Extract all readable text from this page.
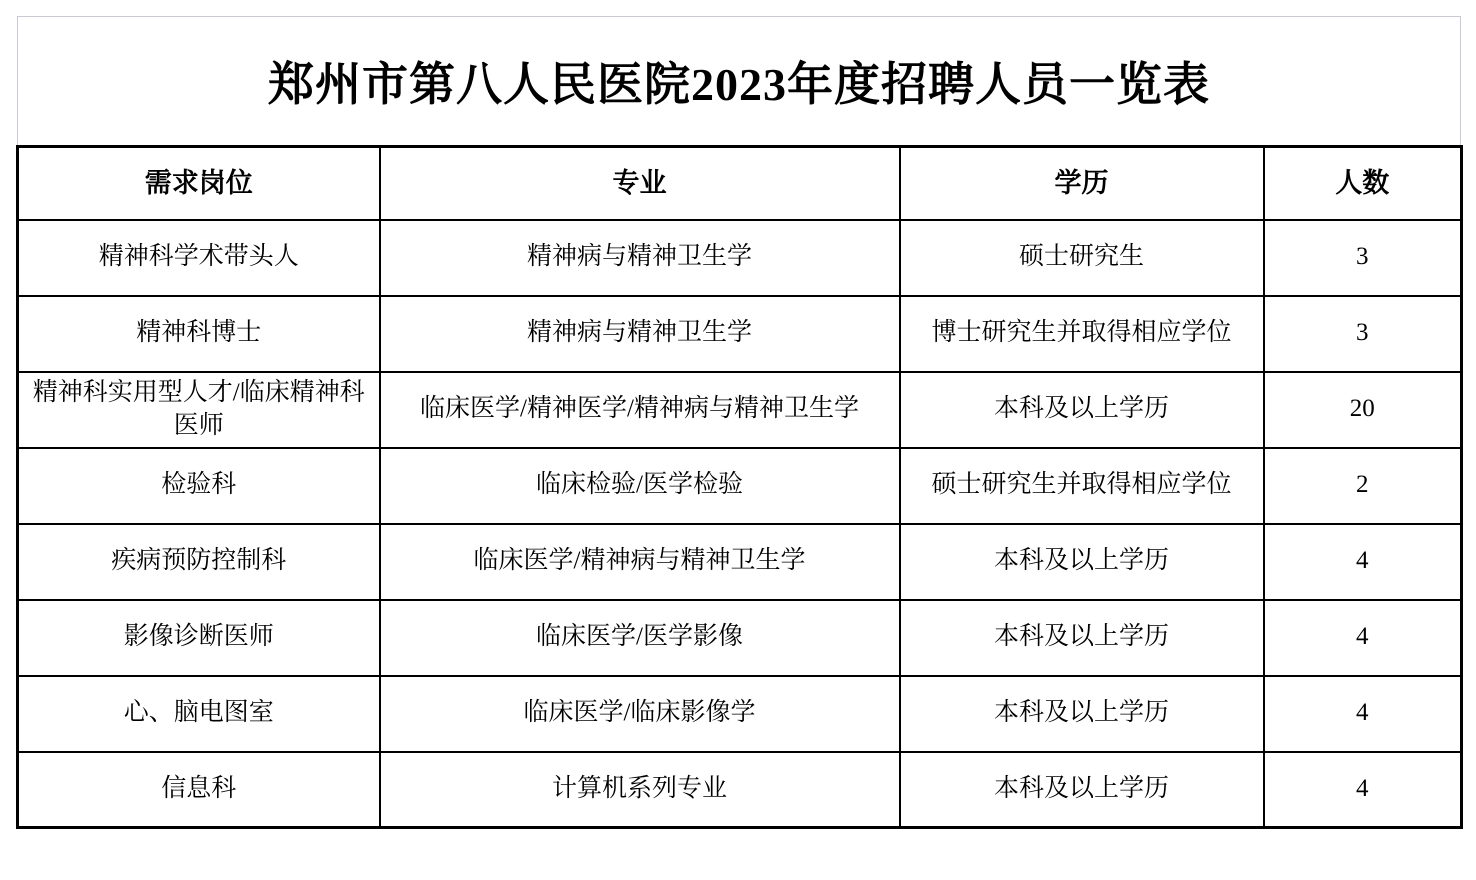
郑州市第八人民医院2023年度招聘人员一览表
需求岗位	专业	学历	人数
精神科学术带头人	精神病与精神卫生学	硕士研究生	3
精神科博士	精神病与精神卫生学	博士研究生并取得相应学位	3
精神科实用型人才/临床精神科医师	临床医学/精神医学/精神病与精神卫生学	本科及以上学历	20
检验科	临床检验/医学检验	硕士研究生并取得相应学位	2
疾病预防控制科	临床医学/精神病与精神卫生学	本科及以上学历	4
影像诊断医师	临床医学/医学影像	本科及以上学历	4
心、脑电图室	临床医学/临床影像学	本科及以上学历	4
信息科	计算机系列专业	本科及以上学历	4
